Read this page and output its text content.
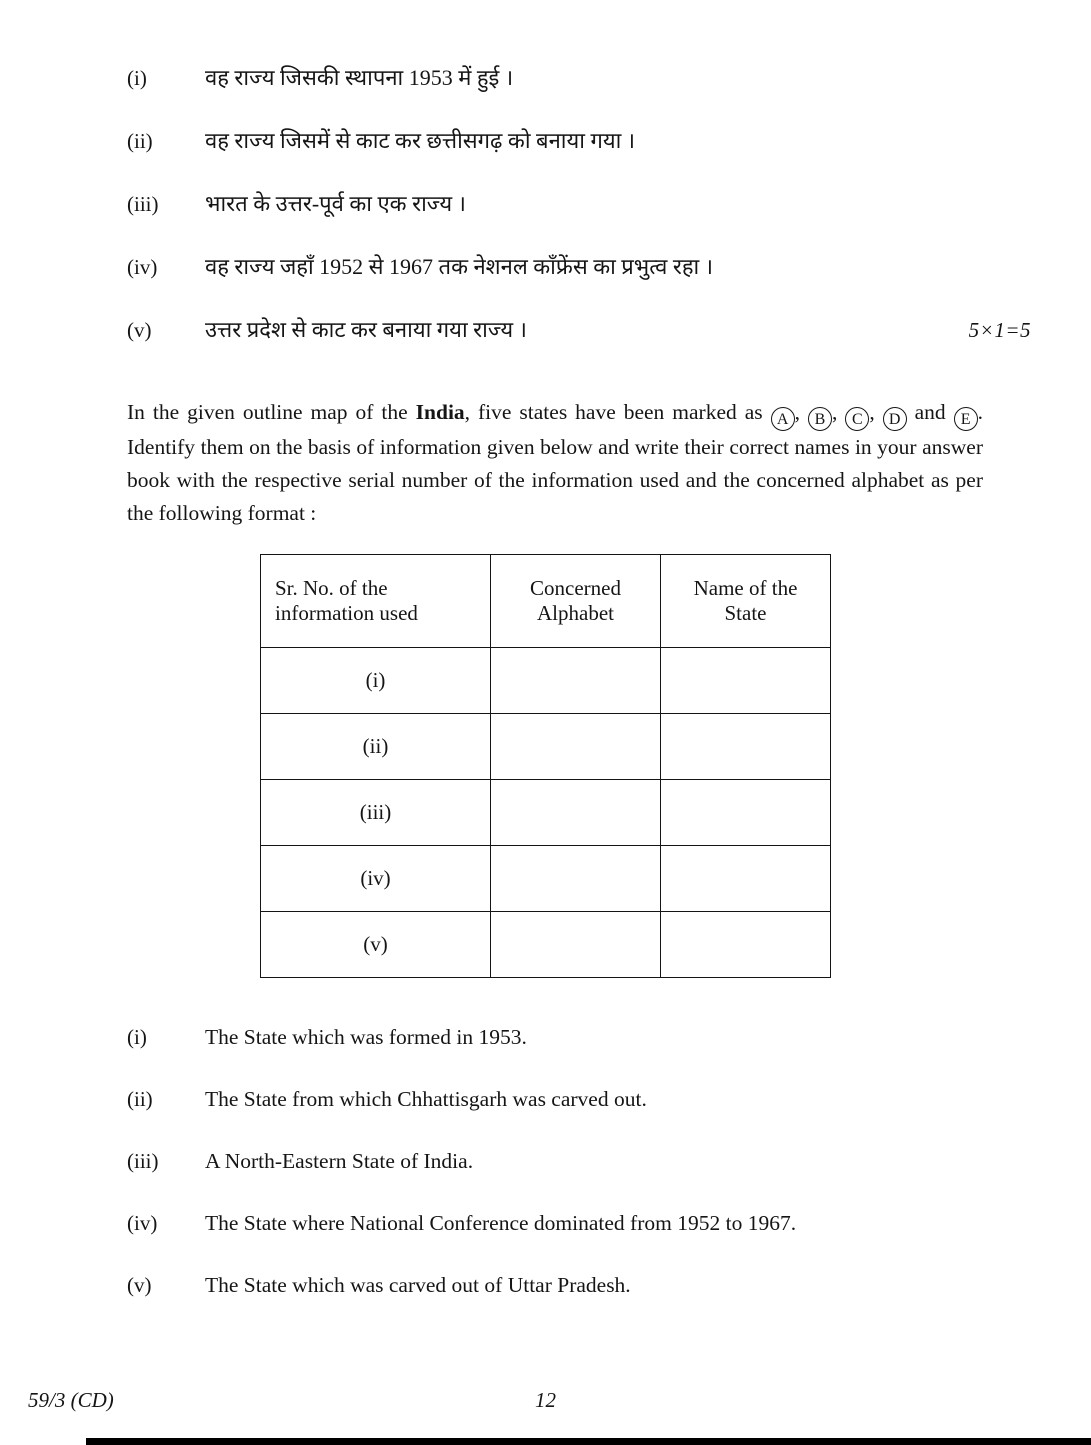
(i)	वह राज्य जिसकी स्थापना 1953 में हुई ।
(ii)	वह राज्य जिसमें से काट कर छत्तीसगढ़ को बनाया गया ।
(iii)	भारत के उत्तर-पूर्व का एक राज्य ।
(iv)	वह राज्य जहाँ 1952 से 1967 तक नेशनल काँफ्रेंस का प्रभुत्व रहा ।
(v)	उत्तर प्रदेश से काट कर बनाया गया राज्य ।	5×1=5

In the given outline map of the India, five states have been marked as A , B , C , D and E . Identify them on the basis of information given below and write their correct names in your answer book with the respective serial number of the information used and the concerned alphabet as per the following format :

Sr. No. of the information used	Concerned Alphabet	Name of the State
(i)		
(ii)		
(iii)		
(iv)		
(v)		
(i)	The State which was formed in 1953.
(ii)	The State from which Chhattisgarh was carved out.
(iii)	A North-Eastern State of India.
(iv)	The State where National Conference dominated from 1952 to 1967.
(v)	The State which was carved out of Uttar Pradesh.
59/3 (CD)	12
